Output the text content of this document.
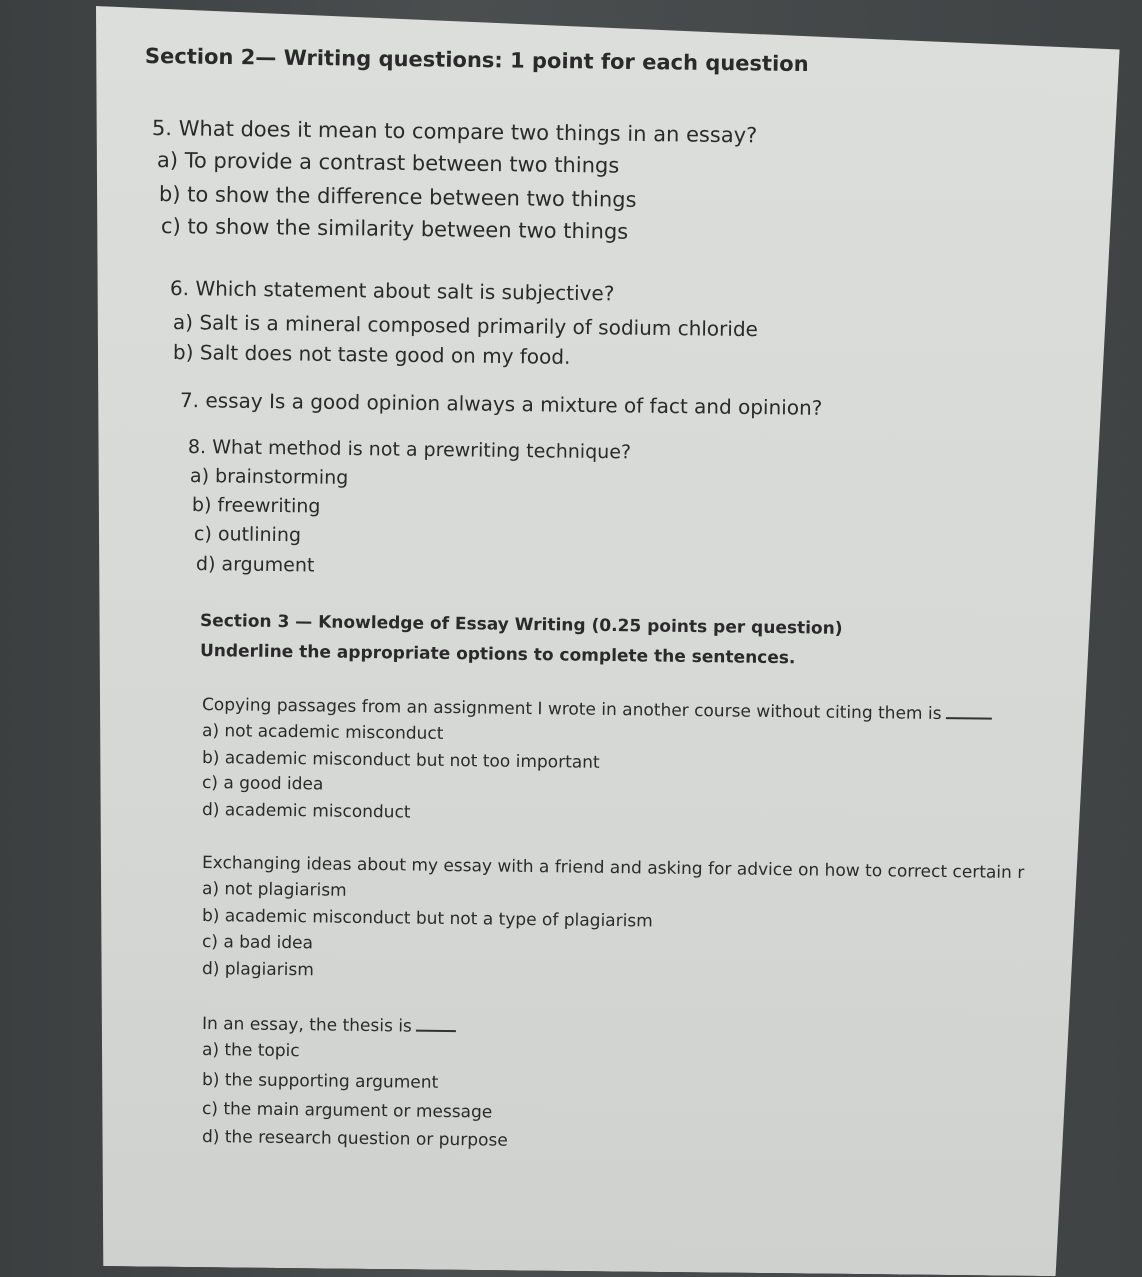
Section 2— Writing questions: 1 point for each question
5. What does it mean to compare two things in an essay?
a) To provide a contrast between two things
b) to show the difference between two things
c) to show the similarity between two things
6. Which statement about salt is subjective?
a) Salt is a mineral composed primarily of sodium chloride
b) Salt does not taste good on my food.
7. essay Is a good opinion always a mixture of fact and opinion?
8. What method is not a prewriting technique?
a) brainstorming
b) freewriting
c) outlining
d) argument
Section 3 — Knowledge of Essay Writing (0.25 points per question)
Underline the appropriate options to complete the sentences.
Copying passages from an assignment I wrote in another course without citing them is
a) not academic misconduct
b) academic misconduct but not too important
c) a good idea
d) academic misconduct
Exchanging ideas about my essay with a friend and asking for advice on how to correct certain r
a) not plagiarism
b) academic misconduct but not a type of plagiarism
c) a bad idea
d) plagiarism
In an essay, the thesis is
a) the topic
b) the supporting argument
c) the main argument or message
d) the research question or purpose
